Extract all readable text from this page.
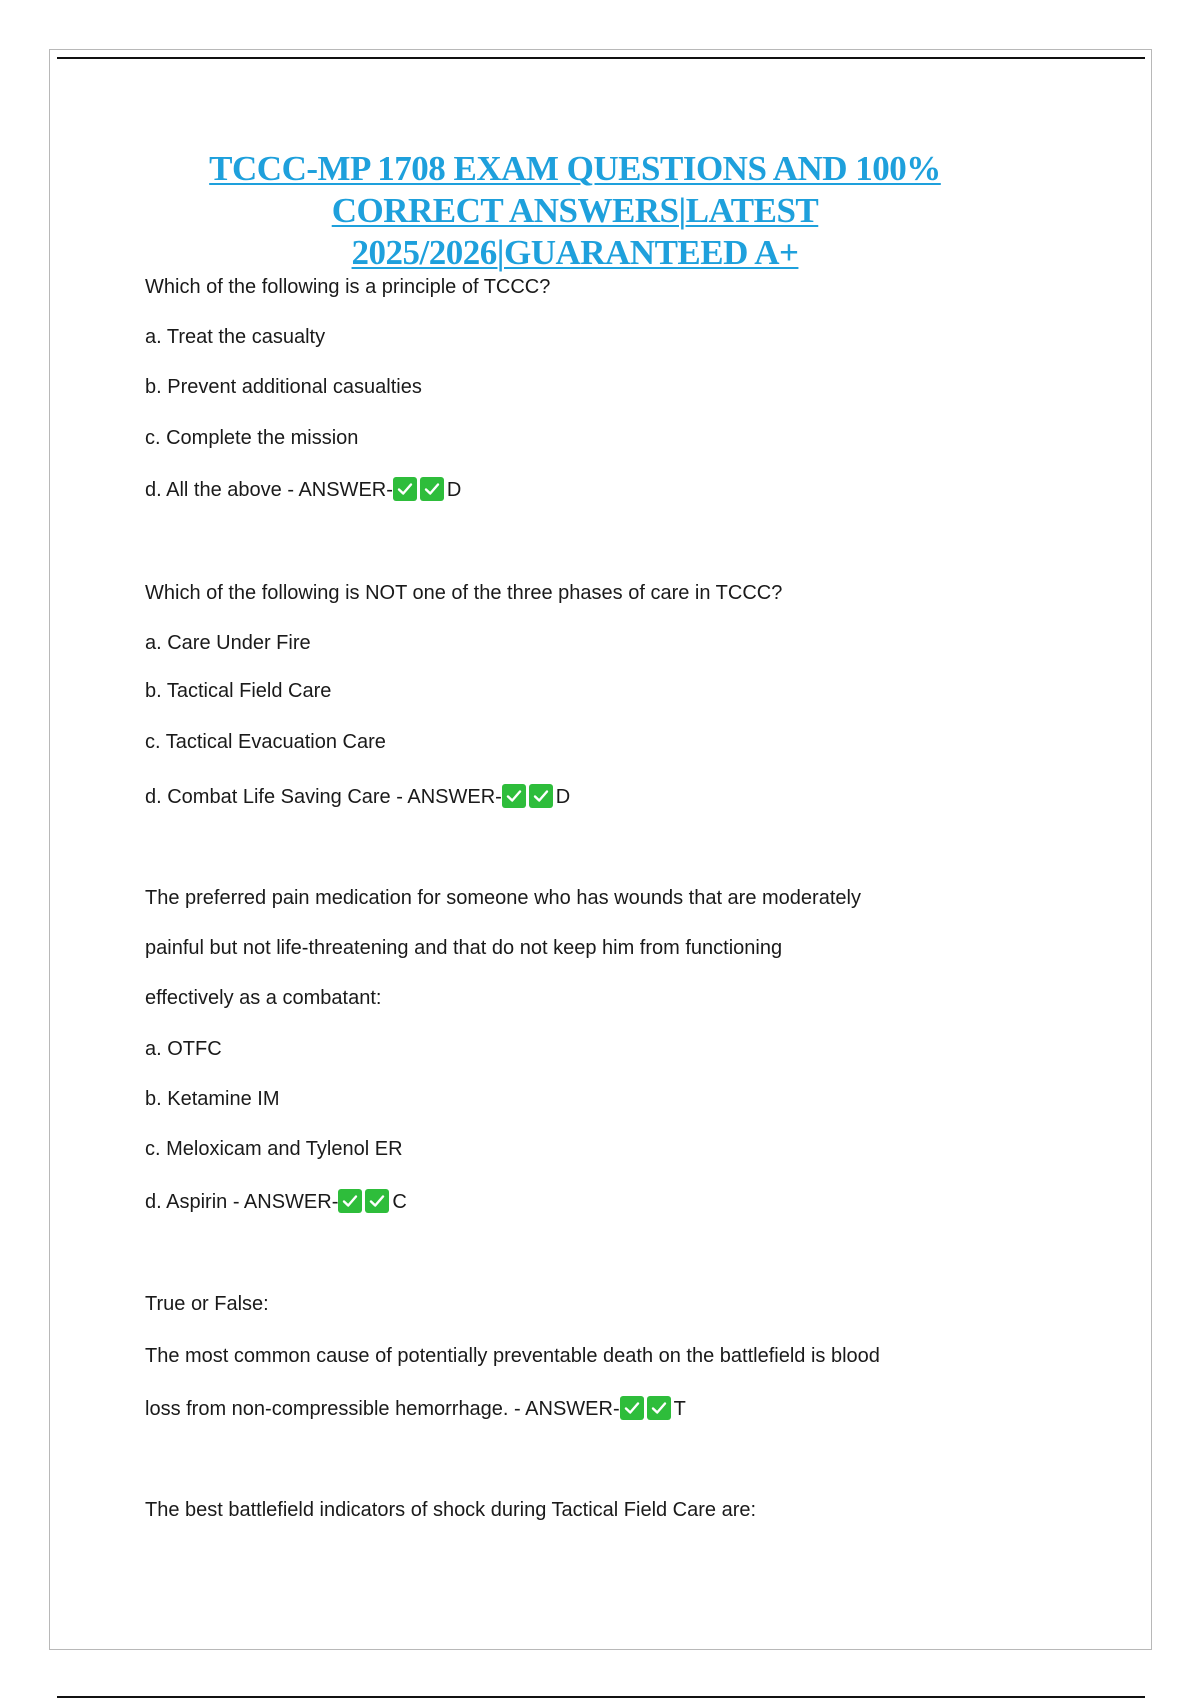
TCCC-MP 1708 EXAM QUESTIONS AND 100%
CORRECT ANSWERS|LATEST
2025/2026|GUARANTEED A+
Which of the following is a principle of TCCC?
a. Treat the casualty
b. Prevent additional casualties
c. Complete the mission
d. All the above - ANSWER-	D
Which of the following is NOT one of the three phases of care in TCCC?
a. Care Under Fire
b. Tactical Field Care
c. Tactical Evacuation Care
d. Combat Life Saving Care - ANSWER-	D
The preferred pain medication for someone who has wounds that are moderately
painful but not life-threatening and that do not keep him from functioning
effectively as a combatant:
a. OTFC
b. Ketamine IM
c. Meloxicam and Tylenol ER
d. Aspirin - ANSWER-	C
True or False:
The most common cause of potentially preventable death on the battlefield is blood
loss from non-compressible hemorrhage. - ANSWER-	T
The best battlefield indicators of shock during Tactical Field Care are:
